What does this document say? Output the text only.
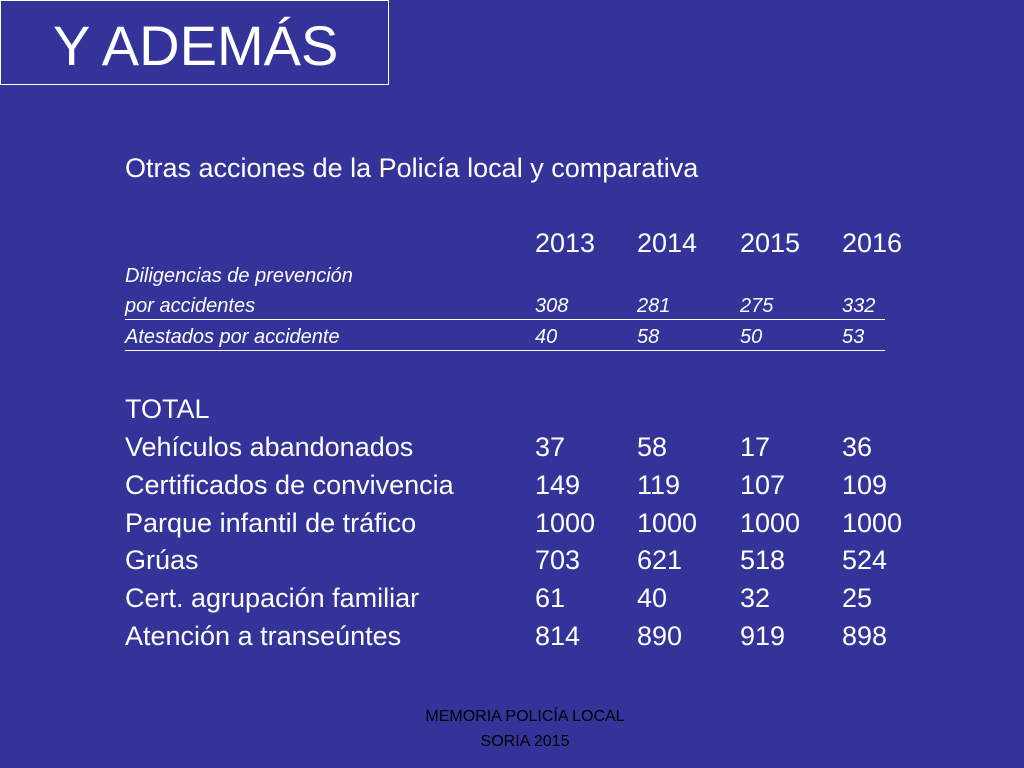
Y ADEMÁS
Otras acciones de la Policía local y comparativa
2013 2014 2015 2016
Diligencias de prevención
por accidentes	308	281	275	332
Atestados por accidente	40	58	50	53
TOTAL
Vehículos abandonados	37	58	17	36
Certificados de convivencia	149 119 107 109
Parque infantil de tráfico	1000 1000 1000 1000
Grúas	703 621 518 524
Cert. agrupación familiar	61	40	32	25
Atención a transeúntes	814 890 919 898
MEMORIA POLICÍA LOCAL
SORIA 2015
